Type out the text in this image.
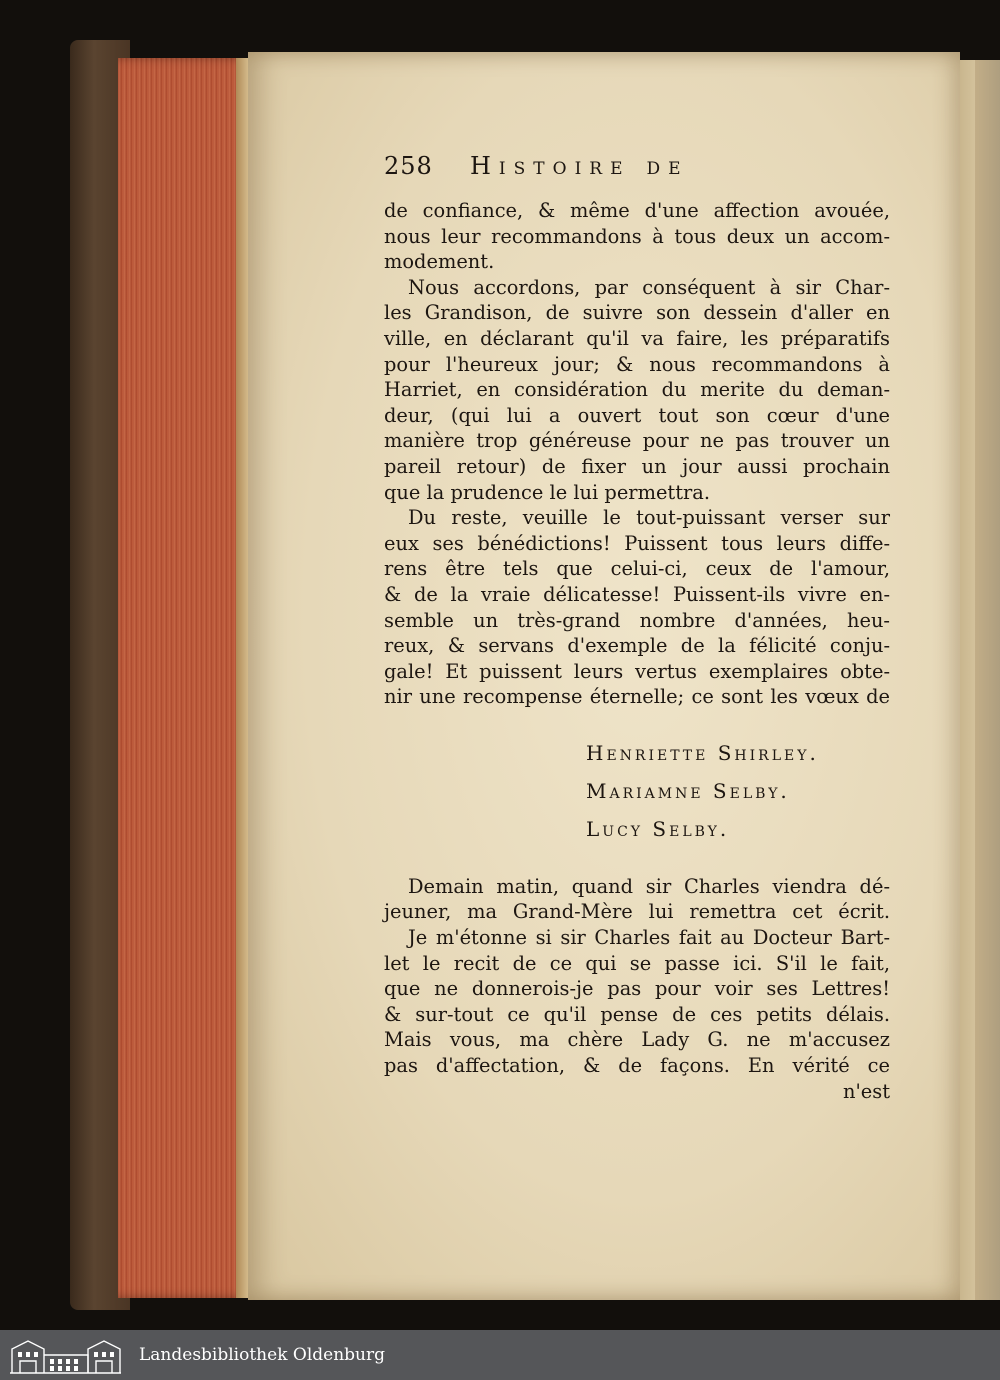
258	Histoire de
de confiance, & même d'une affection avouée,
nous leur recommandons à tous deux un accom-
modement.
Nous accordons, par conséquent à sir Char-
les Grandison, de suivre son dessein d'aller en
ville, en déclarant qu'il va faire, les préparatifs
pour l'heureux jour; & nous recommandons à
Harriet, en considération du merite du deman-
deur, (qui lui a ouvert tout son cœur d'une
manière trop généreuse pour ne pas trouver un
pareil retour) de fixer un jour aussi prochain
que la prudence le lui permettra.
Du reste, veuille le tout-puissant verser sur
eux ses bénédictions! Puissent tous leurs diffe-
rens être tels que celui-ci, ceux de l'amour,
& de la vraie délicatesse! Puissent-ils vivre en-
semble un très-grand nombre d'années, heu-
reux, & servans d'exemple de la félicité conju-
gale! Et puissent leurs vertus exemplaires obte-
nir une recompense éternelle; ce sont les vœux de
Henriette Shirley.
Mariamne Selby.
Lucy Selby.
Demain matin, quand sir Charles viendra dé-
jeuner, ma Grand-Mère lui remettra cet écrit.
Je m'étonne si sir Charles fait au Docteur Bart-
let le recit de ce qui se passe ici. S'il le fait,
que ne donnerois-je pas pour voir ses Lettres!
& sur-tout ce qu'il pense de ces petits délais.
Mais vous, ma chère Lady G. ne m'accusez
pas d'affectation, & de façons. En vérité ce
n'est
Landesbibliothek Oldenburg
